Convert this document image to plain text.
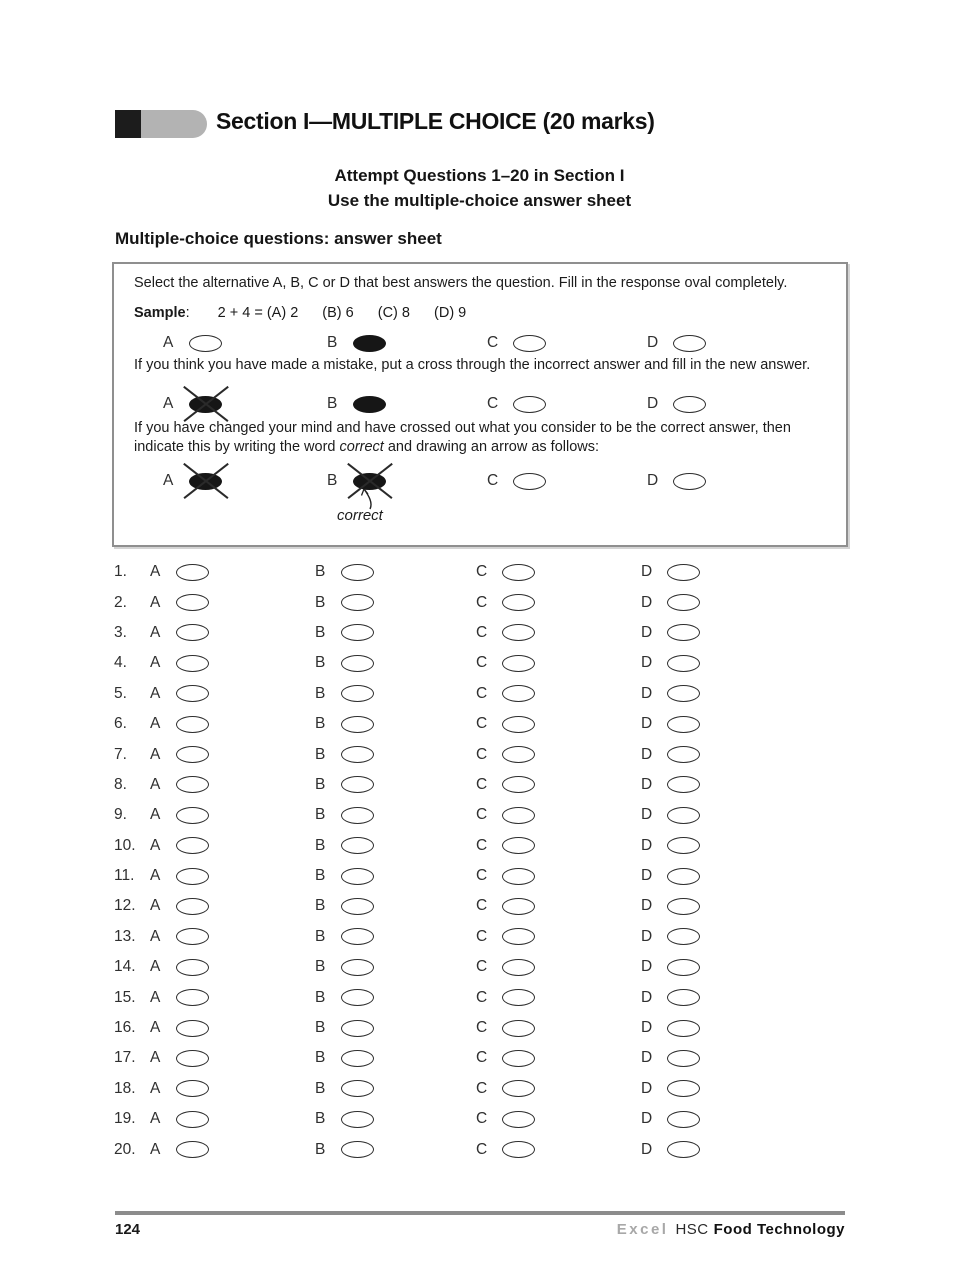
Section I—MULTIPLE CHOICE (20 marks)
Attempt Questions 1–20 in Section I
Use the multiple-choice answer sheet
Multiple-choice questions: answer sheet

Select the alternative A, B, C or D that best answers the question. Fill in the response oval completely.

Sample: 2 + 4 = (A) 2 (B) 6 (C) 8 (D) 9
A	B	C	D

If you think you have made a mistake, put a cross through the incorrect answer and fill in the new answer.

A	B	C	D

If you have changed your mind and have crossed out what you consider to be the correct answer, then indicate this by writing the word correct and drawing an arrow as follows:

A	B
correct
C	D
1. A	B	C	D
2. A	B	C	D
3. A	B	C	D
4. A	B	C	D
5. A	B	C	D
6. A	B	C	D
7. A	B	C	D
8. A	B	C	D
9. A	B	C	D
10. A	B	C	D
11. A	B	C	D
12. A	B	C	D
13. A	B	C	D
14. A	B	C	D
15. A	B	C	D
16. A	B	C	D
17. A	B	C	D
18. A	B	C	D
19. A	B	C	D
20. A	B	C	D
124	Excel HSC Food Technology
